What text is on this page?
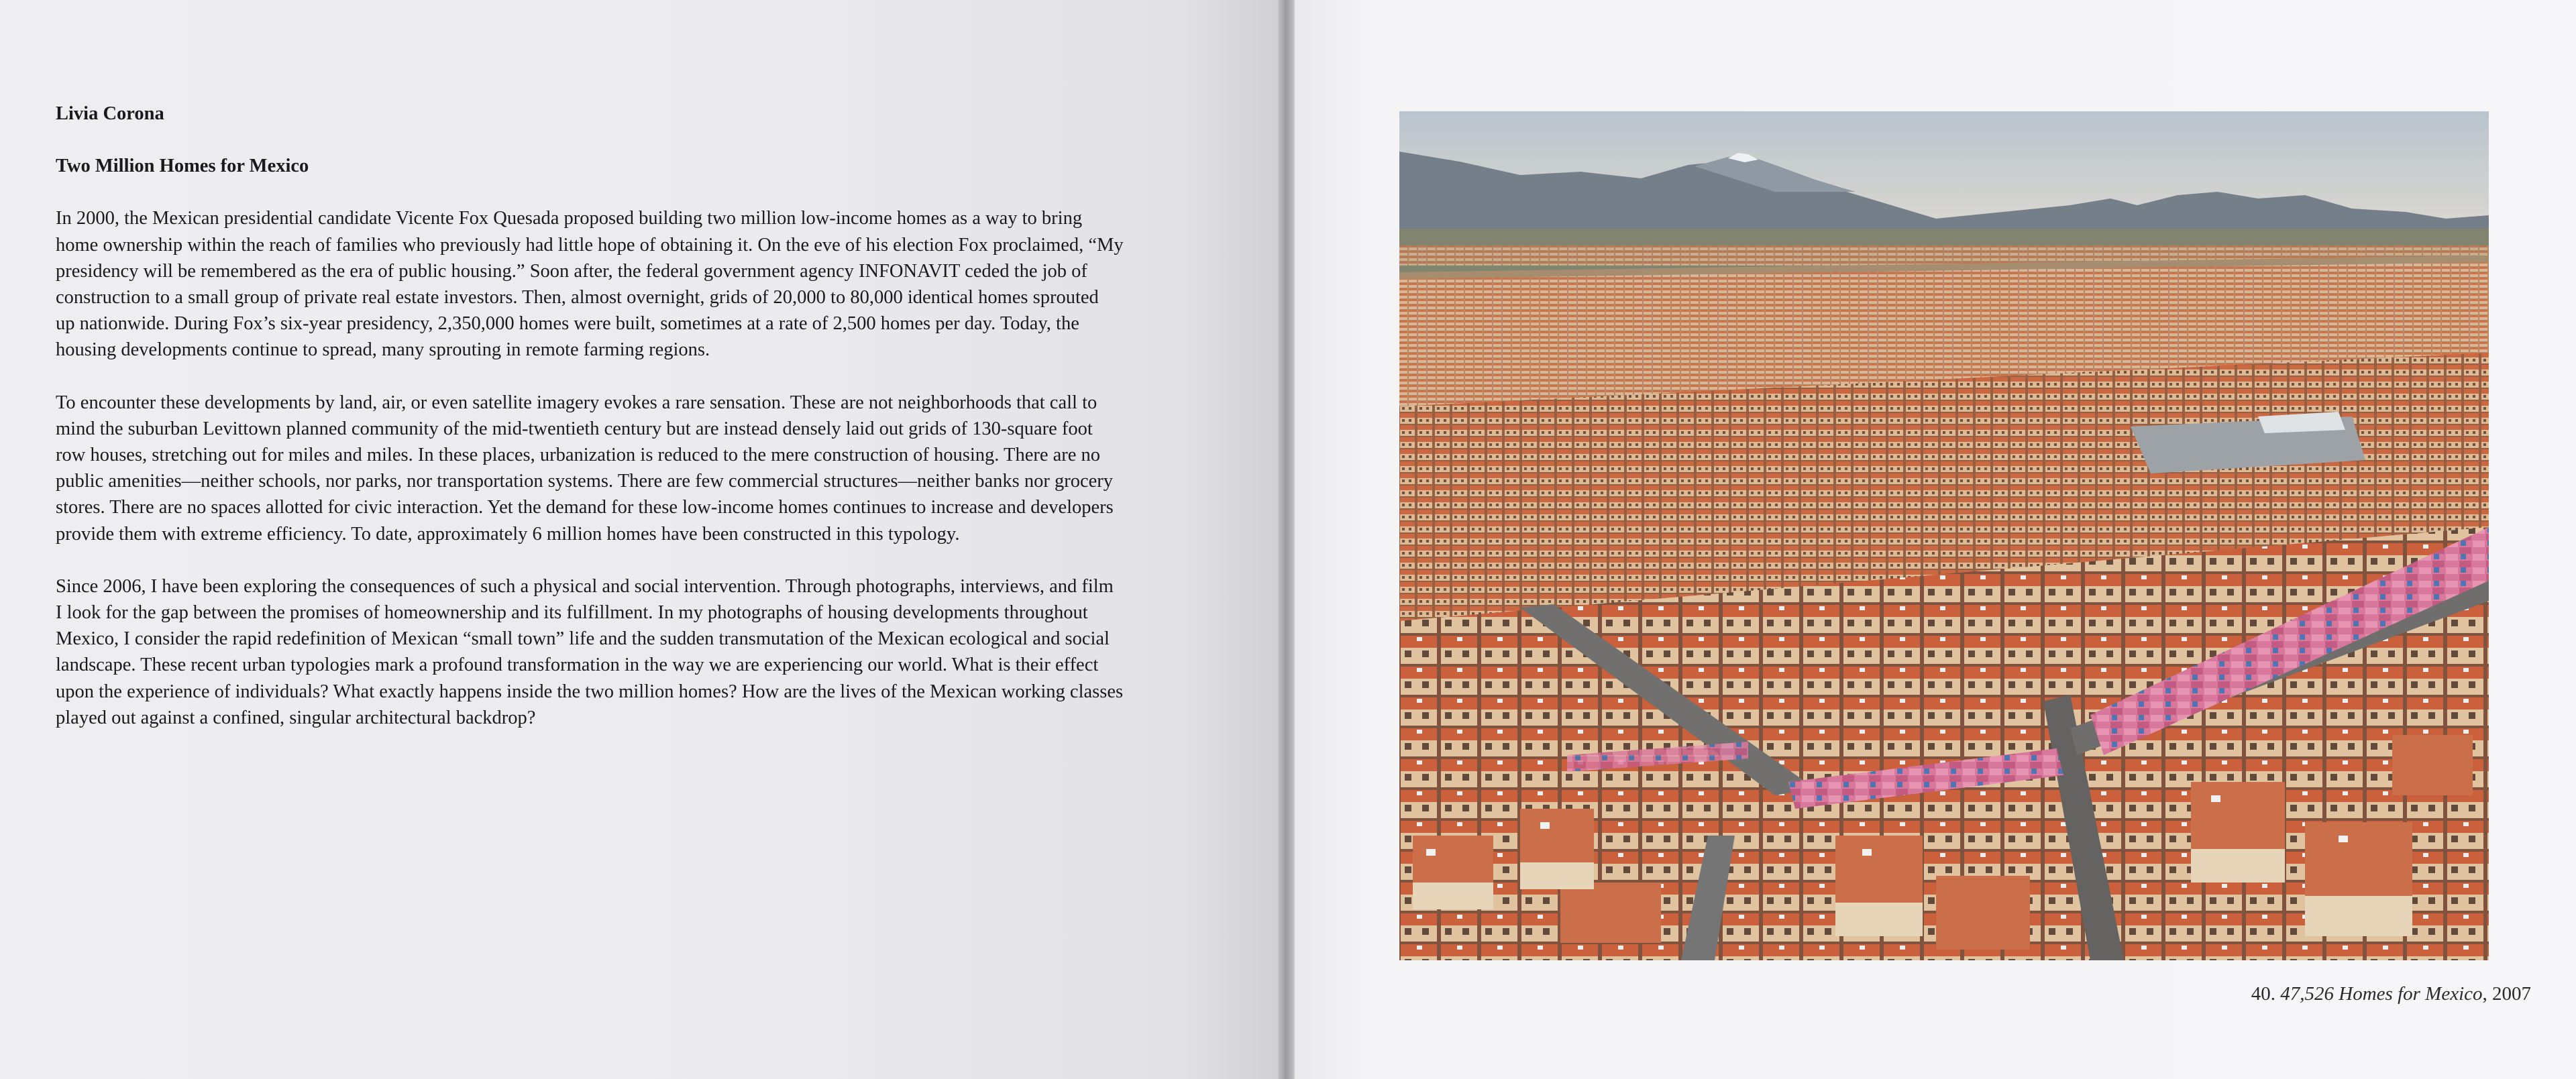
Livia Corona
Two Million Homes for Mexico
In 2000, the Mexican presidential candidate Vicente Fox Quesada proposed building two million low-income homes as a way to bring
home ownership within the reach of families who previously had little hope of obtaining it. On the eve of his election Fox proclaimed, “My
presidency will be remembered as the era of public housing.” Soon after, the federal government agency INFONAVIT ceded the job of
construction to a small group of private real estate investors. Then, almost overnight, grids of 20,000 to 80,000 identical homes sprouted
up nationwide. During Fox’s six-year presidency, 2,350,000 homes were built, sometimes at a rate of 2,500 homes per day. Today, the
housing developments continue to spread, many sprouting in remote farming regions.
To encounter these developments by land, air, or even satellite imagery evokes a rare sensation. These are not neighborhoods that call to
mind the suburban Levittown planned community of the mid-twentieth century but are instead densely laid out grids of 130-square foot
row houses, stretching out for miles and miles. In these places, urbanization is reduced to the mere construction of housing. There are no
public amenities—neither schools, nor parks, nor transportation systems. There are few commercial structures—neither banks nor grocery
stores. There are no spaces allotted for civic interaction. Yet the demand for these low-income homes continues to increase and developers
provide them with extreme efficiency. To date, approximately 6 million homes have been constructed in this typology.
Since 2006, I have been exploring the consequences of such a physical and social intervention. Through photographs, interviews, and film
I look for the gap between the promises of homeownership and its fulfillment. In my photographs of housing developments throughout
Mexico, I consider the rapid redefinition of Mexican “small town” life and the sudden transmutation of the Mexican ecological and social
landscape. These recent urban typologies mark a profound transformation in the way we are experiencing our world. What is their effect
upon the experience of individuals? What exactly happens inside the two million homes? How are the lives of the Mexican working classes
played out against a confined, singular architectural backdrop?
40. 47,526 Homes for Mexico, 2007
